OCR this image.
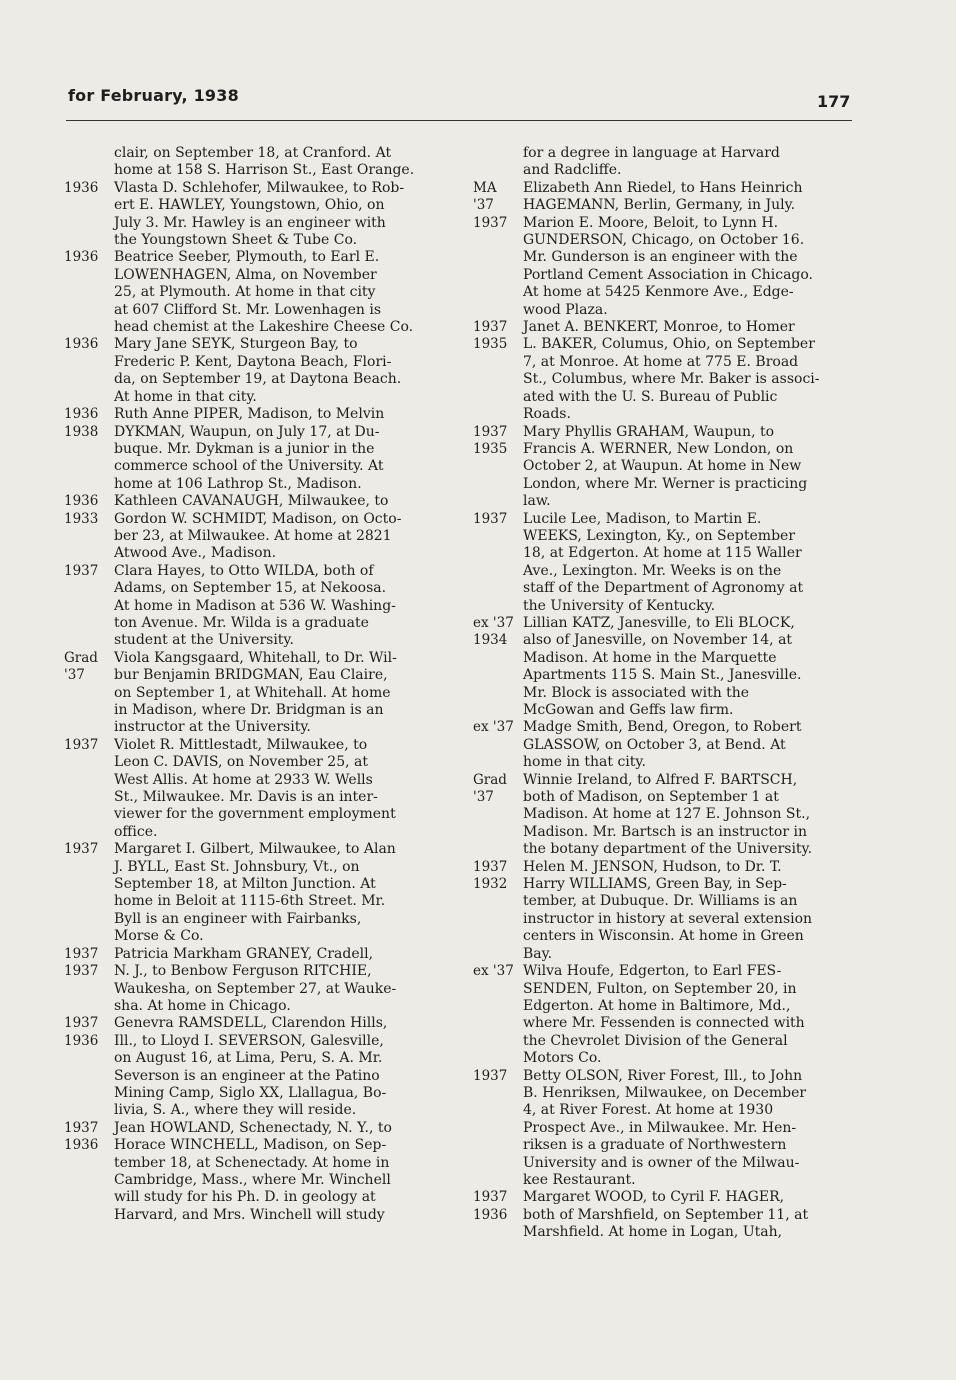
for February, 1938	177
clair, on September 18, at Cranford. At
home at 158 S. Harrison St., East Orange.
1936	Vlasta D. Schlehofer, Milwaukee, to Rob-
ert E. HAWLEY, Youngstown, Ohio, on
July 3. Mr. Hawley is an engineer with
the Youngstown Sheet & Tube Co.
1936	Beatrice Seeber, Plymouth, to Earl E.
LOWENHAGEN, Alma, on November
25, at Plymouth. At home in that city
at 607 Clifford St. Mr. Lowenhagen is
head chemist at the Lakeshire Cheese Co.
1936	Mary Jane SEYK, Sturgeon Bay, to
Frederic P. Kent, Daytona Beach, Flori-
da, on September 19, at Daytona Beach.
At home in that city.
1936	Ruth Anne PIPER, Madison, to Melvin
1938	DYKMAN, Waupun, on July 17, at Du-
buque. Mr. Dykman is a junior in the
commerce school of the University. At
home at 106 Lathrop St., Madison.
1936	Kathleen CAVANAUGH, Milwaukee, to
1933	Gordon W. SCHMIDT, Madison, on Octo-
ber 23, at Milwaukee. At home at 2821
Atwood Ave., Madison.
1937	Clara Hayes, to Otto WILDA, both of
Adams, on September 15, at Nekoosa.
At home in Madison at 536 W. Washing-
ton Avenue. Mr. Wilda is a graduate
student at the University.
Grad	Viola Kangsgaard, Whitehall, to Dr. Wil-
'37	bur Benjamin BRIDGMAN, Eau Claire,
on September 1, at Whitehall. At home
in Madison, where Dr. Bridgman is an
instructor at the University.
1937	Violet R. Mittlestadt, Milwaukee, to
Leon C. DAVIS, on November 25, at
West Allis. At home at 2933 W. Wells
St., Milwaukee. Mr. Davis is an inter-
viewer for the government employment
office.
1937	Margaret I. Gilbert, Milwaukee, to Alan
J. BYLL, East St. Johnsbury, Vt., on
September 18, at Milton Junction. At
home in Beloit at 1115-6th Street. Mr.
Byll is an engineer with Fairbanks,
Morse & Co.
1937	Patricia Markham GRANEY, Cradell,
1937	N. J., to Benbow Ferguson RITCHIE,
Waukesha, on September 27, at Wauke-
sha. At home in Chicago.
1937	Genevra RAMSDELL, Clarendon Hills,
1936	Ill., to Lloyd I. SEVERSON, Galesville,
on August 16, at Lima, Peru, S. A. Mr.
Severson is an engineer at the Patino
Mining Camp, Siglo XX, Llallagua, Bo-
livia, S. A., where they will reside.
1937	Jean HOWLAND, Schenectady, N. Y., to
1936	Horace WINCHELL, Madison, on Sep-
tember 18, at Schenectady. At home in
Cambridge, Mass., where Mr. Winchell
will study for his Ph. D. in geology at
Harvard, and Mrs. Winchell will study
for a degree in language at Harvard
and Radcliffe.
MA	Elizabeth Ann Riedel, to Hans Heinrich
'37	HAGEMANN, Berlin, Germany, in July.
1937	Marion E. Moore, Beloit, to Lynn H.
GUNDERSON, Chicago, on October 16.
Mr. Gunderson is an engineer with the
Portland Cement Association in Chicago.
At home at 5425 Kenmore Ave., Edge-
wood Plaza.
1937	Janet A. BENKERT, Monroe, to Homer
1935	L. BAKER, Columus, Ohio, on September
7, at Monroe. At home at 775 E. Broad
St., Columbus, where Mr. Baker is associ-
ated with the U. S. Bureau of Public
Roads.
1937	Mary Phyllis GRAHAM, Waupun, to
1935	Francis A. WERNER, New London, on
October 2, at Waupun. At home in New
London, where Mr. Werner is practicing
law.
1937	Lucile Lee, Madison, to Martin E.
WEEKS, Lexington, Ky., on September
18, at Edgerton. At home at 115 Waller
Ave., Lexington. Mr. Weeks is on the
staff of the Department of Agronomy at
the University of Kentucky.
ex '37 Lillian KATZ, Janesville, to Eli BLOCK,
1934	also of Janesville, on November 14, at
Madison. At home in the Marquette
Apartments 115 S. Main St., Janesville.
Mr. Block is associated with the
McGowan and Geffs law firm.
ex '37 Madge Smith, Bend, Oregon, to Robert
GLASSOW, on October 3, at Bend. At
home in that city.
Grad	Winnie Ireland, to Alfred F. BARTSCH,
'37	both of Madison, on September 1 at
Madison. At home at 127 E. Johnson St.,
Madison. Mr. Bartsch is an instructor in
the botany department of the University.
1937	Helen M. JENSON, Hudson, to Dr. T.
1932	Harry WILLIAMS, Green Bay, in Sep-
tember, at Dubuque. Dr. Williams is an
instructor in history at several extension
centers in Wisconsin. At home in Green
Bay.
ex '37 Wilva Houfe, Edgerton, to Earl FES-
SENDEN, Fulton, on September 20, in
Edgerton. At home in Baltimore, Md.,
where Mr. Fessenden is connected with
the Chevrolet Division of the General
Motors Co.
1937	Betty OLSON, River Forest, Ill., to John
B. Henriksen, Milwaukee, on December
4, at River Forest. At home at 1930
Prospect Ave., in Milwaukee. Mr. Hen-
riksen is a graduate of Northwestern
University and is owner of the Milwau-
kee Restaurant.
1937	Margaret WOOD, to Cyril F. HAGER,
1936	both of Marshfield, on September 11, at
Marshfield. At home in Logan, Utah,
